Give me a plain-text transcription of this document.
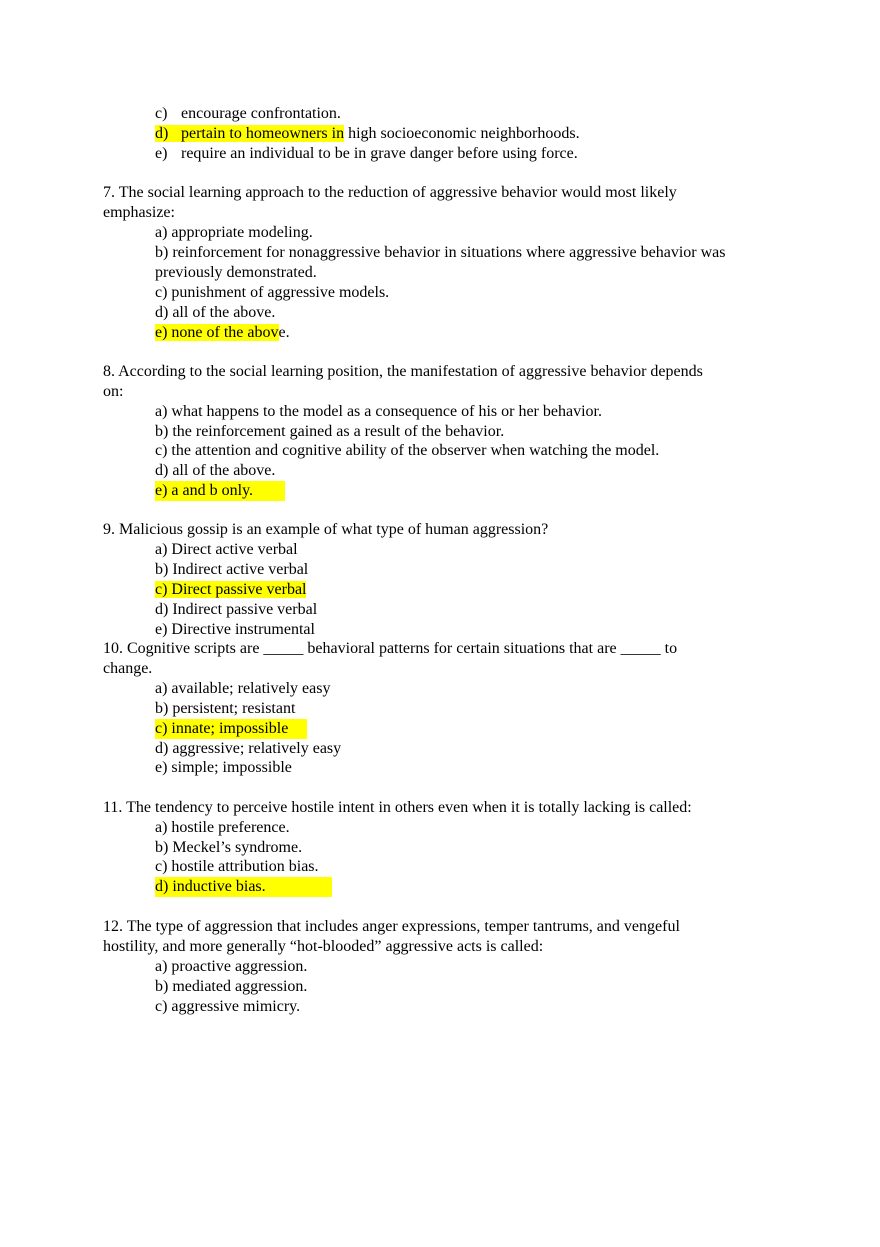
c) encourage confrontation.
d) pertain to homeowners in high socioeconomic neighborhoods.
e) require an individual to be in grave danger before using force.
7. The social learning approach to the reduction of aggressive behavior would most likely
emphasize:
a) appropriate modeling.
b) reinforcement for nonaggressive behavior in situations where aggressive behavior was
previously demonstrated.
c) punishment of aggressive models.
d) all of the above.
e) none of the above.
8. According to the social learning position, the manifestation of aggressive behavior depends
on:
a) what happens to the model as a consequence of his or her behavior.
b) the reinforcement gained as a result of the behavior.
c) the attention and cognitive ability of the observer when watching the model.
d) all of the above.
e) a and b only.
9. Malicious gossip is an example of what type of human aggression?
a) Direct active verbal
b) Indirect active verbal
c) Direct passive verbal
d) Indirect passive verbal
e) Directive instrumental
10. Cognitive scripts are _____ behavioral patterns for certain situations that are _____ to
change.
a) available; relatively easy
b) persistent; resistant
c) innate; impossible
d) aggressive; relatively easy
e) simple; impossible
11. The tendency to perceive hostile intent in others even when it is totally lacking is called:
a) hostile preference.
b) Meckel’s syndrome.
c) hostile attribution bias.
d) inductive bias.
12. The type of aggression that includes anger expressions, temper tantrums, and vengeful
hostility, and more generally “hot-blooded” aggressive acts is called:
a) proactive aggression.
b) mediated aggression.
c) aggressive mimicry.
